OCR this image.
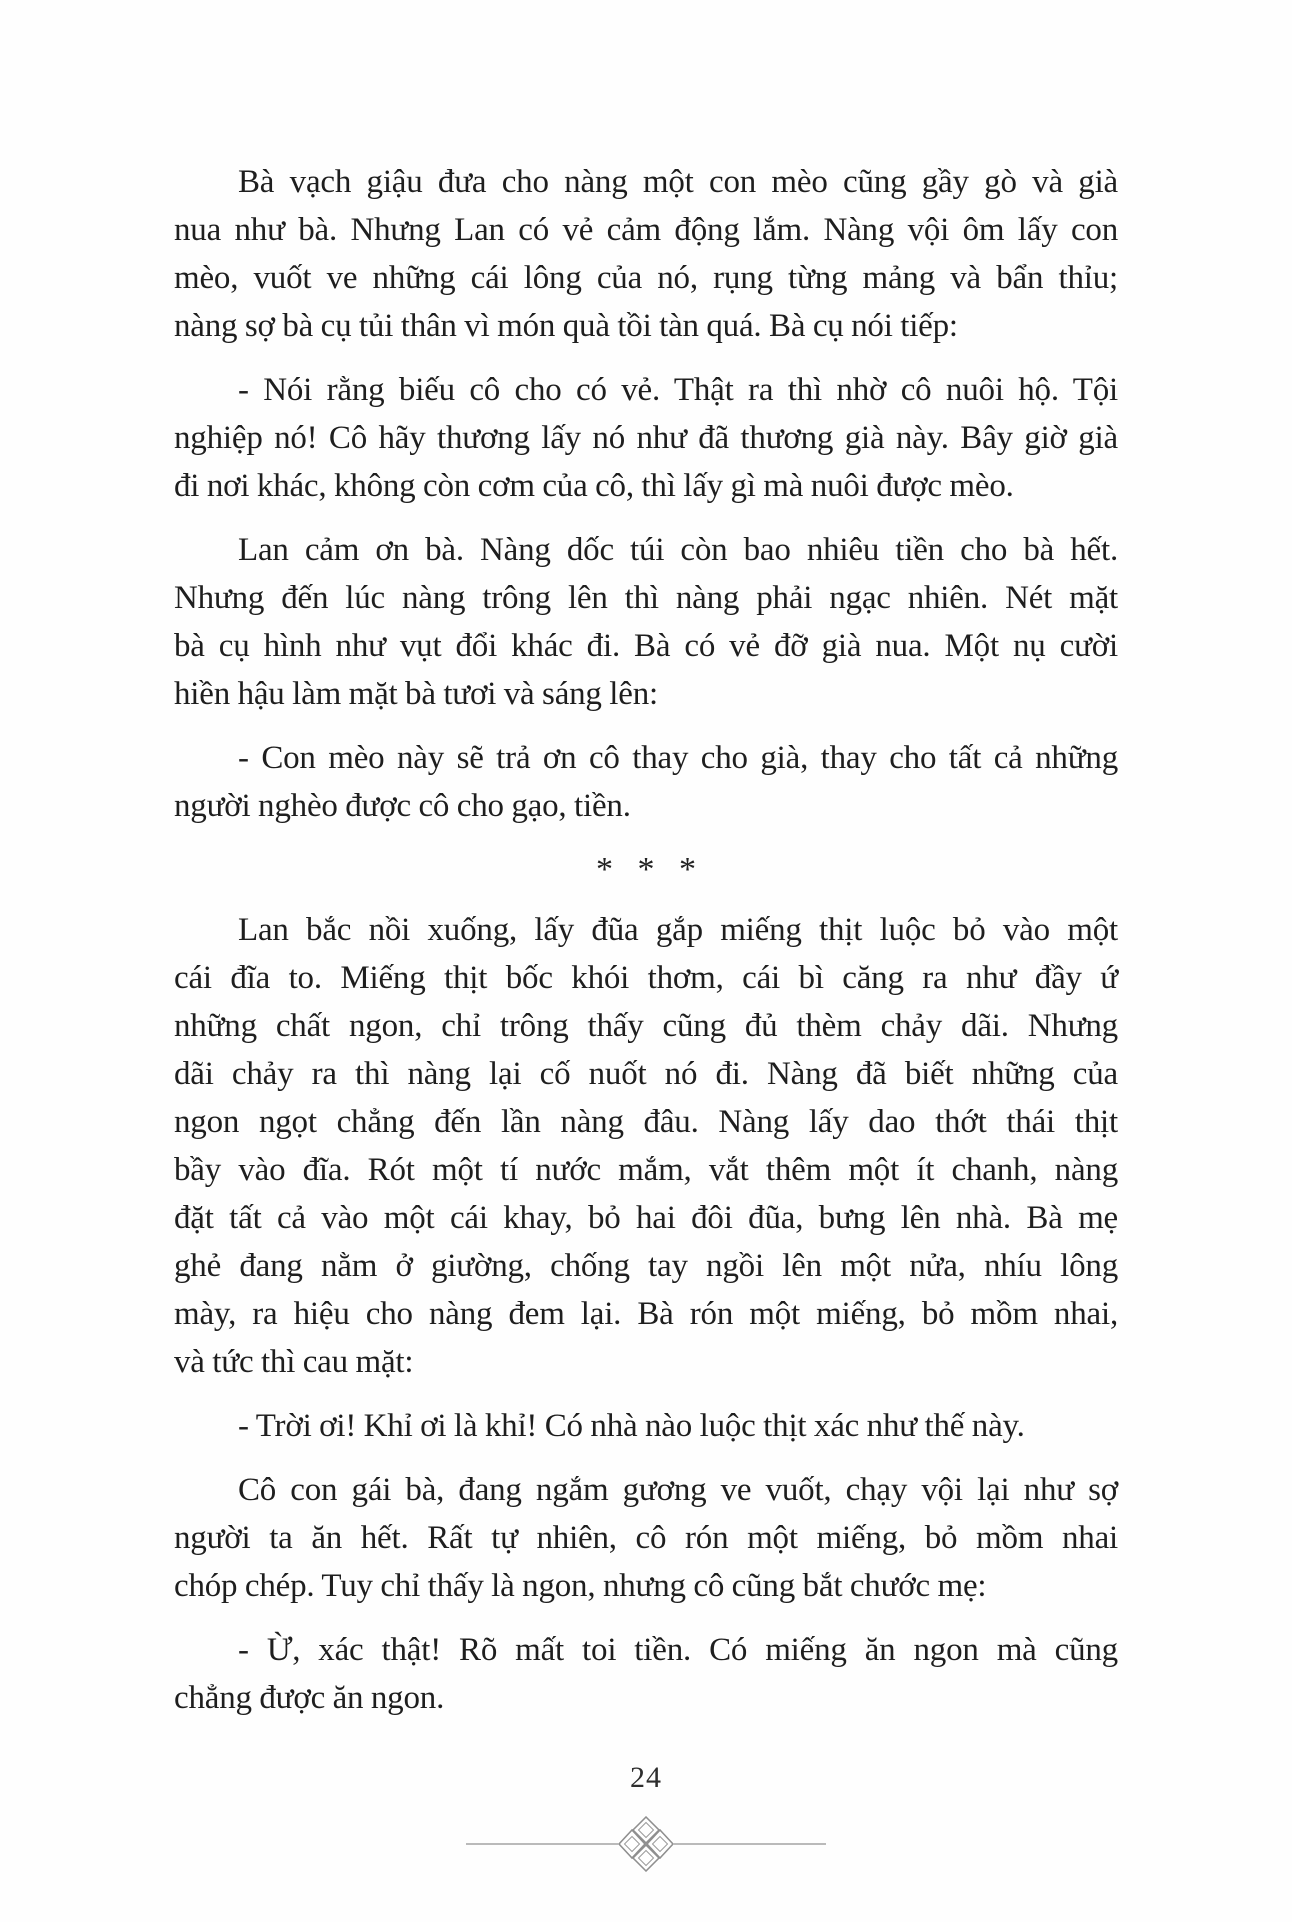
Bà vạch giậu đưa cho nàng một con mèo cũng gầy gò và già
nua như bà. Nhưng Lan có vẻ cảm động lắm. Nàng vội ôm lấy con
mèo, vuốt ve những cái lông của nó, rụng từng mảng và bẩn thỉu;
nàng sợ bà cụ tủi thân vì món quà tồi tàn quá. Bà cụ nói tiếp:
- Nói rằng biếu cô cho có vẻ. Thật ra thì nhờ cô nuôi hộ. Tội
nghiệp nó! Cô hãy thương lấy nó như đã thương già này. Bây giờ già
đi nơi khác, không còn cơm của cô, thì lấy gì mà nuôi được mèo.
Lan cảm ơn bà. Nàng dốc túi còn bao nhiêu tiền cho bà hết.
Nhưng đến lúc nàng trông lên thì nàng phải ngạc nhiên. Nét mặt
bà cụ hình như vụt đổi khác đi. Bà có vẻ đỡ già nua. Một nụ cười
hiền hậu làm mặt bà tươi và sáng lên:
- Con mèo này sẽ trả ơn cô thay cho già, thay cho tất cả những
người nghèo được cô cho gạo, tiền.
* * *
Lan bắc nồi xuống, lấy đũa gắp miếng thịt luộc bỏ vào một
cái đĩa to. Miếng thịt bốc khói thơm, cái bì căng ra như đầy ứ
những chất ngon, chỉ trông thấy cũng đủ thèm chảy dãi. Nhưng
dãi chảy ra thì nàng lại cố nuốt nó đi. Nàng đã biết những của
ngon ngọt chẳng đến lần nàng đâu. Nàng lấy dao thớt thái thịt
bầy vào đĩa. Rót một tí nước mắm, vắt thêm một ít chanh, nàng
đặt tất cả vào một cái khay, bỏ hai đôi đũa, bưng lên nhà. Bà mẹ
ghẻ đang nằm ở giường, chống tay ngồi lên một nửa, nhíu lông
mày, ra hiệu cho nàng đem lại. Bà rón một miếng, bỏ mồm nhai,
và tức thì cau mặt:
- Trời ơi! Khỉ ơi là khỉ! Có nhà nào luộc thịt xác như thế này.
Cô con gái bà, đang ngắm gương ve vuốt, chạy vội lại như sợ
người ta ăn hết. Rất tự nhiên, cô rón một miếng, bỏ mồm nhai
chóp chép. Tuy chỉ thấy là ngon, nhưng cô cũng bắt chước mẹ:
- Ừ, xác thật! Rõ mất toi tiền. Có miếng ăn ngon mà cũng
chẳng được ăn ngon.
24
